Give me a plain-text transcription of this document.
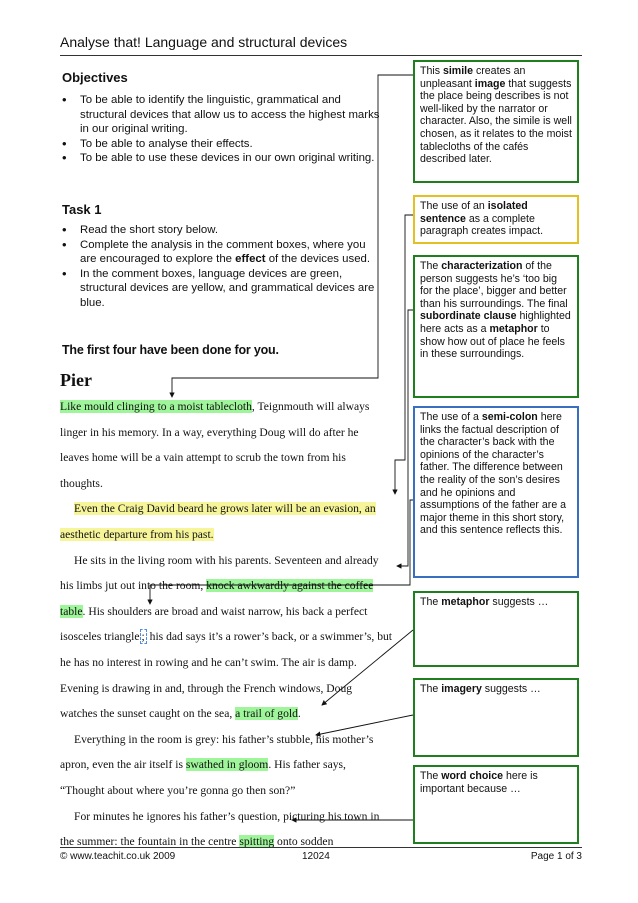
Analyse that! Language and structural devices
Objectives
• To be able to identify the linguistic, grammatical and structural devices that allow us to access the highest marks in our original writing.
• To be able to analyse their effects.
• To be able to use these devices in our own original writing.
Task 1
• Read the short story below.
• Complete the analysis in the comment boxes, where you are encouraged to explore the effect of the devices used.
• In the comment boxes, language devices are green, structural devices are yellow, and grammatical devices are blue.
The first four have been done for you.
Pier
Like mould clinging to a moist tablecloth, Teignmouth will always
linger in his memory. In a way, everything Doug will do after he
leaves home will be a vain attempt to scrub the town from his
thoughts.
Even the Craig David beard he grows later will be an evasion, an
aesthetic departure from his past.
He sits in the living room with his parents. Seventeen and already
his limbs jut out into the room, knock awkwardly against the coffee
table. His shoulders are broad and waist narrow, his back a perfect
isosceles triangle ; his dad says it’s a rower’s back, or a swimmer’s, but
he has no interest in rowing and he can’t swim. The air is damp.
Evening is drawing in and, through the French windows, Doug
watches the sunset caught on the sea, a trail of gold.
Everything in the room is grey: his father’s stubble, his mother’s
apron, even the air itself is swathed in gloom. His father says,
“Thought about where you’re gonna go then son?”
For minutes he ignores his father’s question, picturing his town in
the summer: the fountain in the centre spitting onto sodden
This simile creates an unpleasant image that suggests the place being describes is not well-liked by the narrator or character. Also, the simile is well chosen, as it relates to the moist tablecloths of the cafés described later.
The use of an isolated sentence as a complete paragraph creates impact.
The characterization of the person suggests he’s ‘too big for the place’, bigger and better than his surroundings. The final subordinate clause highlighted here acts as a metaphor to show how out of place he feels in these surroundings.
The use of a semi-colon here links the factual description of the character’s back with the opinions of the character’s father. The difference between the reality of the son’s desires and he opinions and assumptions of the father are a major theme in this short story, and this sentence reflects this.
The metaphor suggests …
The imagery suggests …
The word choice here is important because …
© www.teachit.co.uk 2009	12024	Page 1 of 3
